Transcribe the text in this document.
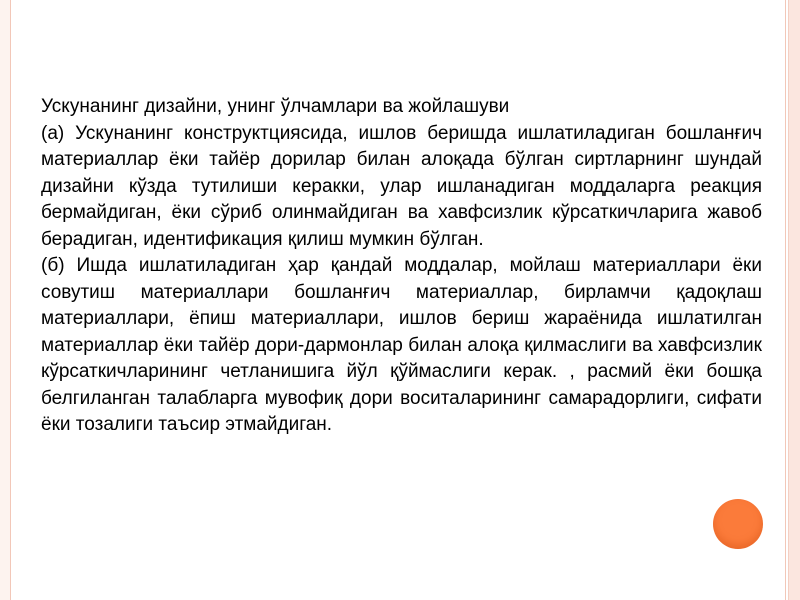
Ускунанинг дизайни, унинг ўлчамлари ва жойлашуви

(а) Ускунанинг конструктциясида, ишлов беришда ишлатиладиган бошланғич материаллар ёки тайёр дорилар билан алоқада бўлган сиртларнинг шундай дизайни кўзда тутилиши керакки, улар ишланадиган моддаларга реакция бермайдиган, ёки сўриб олинмайдиган ва хавфсизлик кўрсаткичларига жавоб берадиган, идентификация қилиш мумкин бўлган.

(б) Ишда ишлатиладиган ҳар қандай моддалар, мойлаш материаллари ёки совутиш материаллари бошланғич материаллар, бирламчи қадоқлаш материаллари, ёпиш материаллари, ишлов бериш жараёнида ишлатилган материаллар ёки тайёр дори-дармонлар билан алоқа қилмаслиги ва хавфсизлик кўрсаткичларининг четланишига йўл қўймаслиги керак. , расмий ёки бошқа белгиланган талабларга мувофиқ дори воситаларининг самарадорлиги, сифати ёки тозалиги таъсир этмайдиган.
